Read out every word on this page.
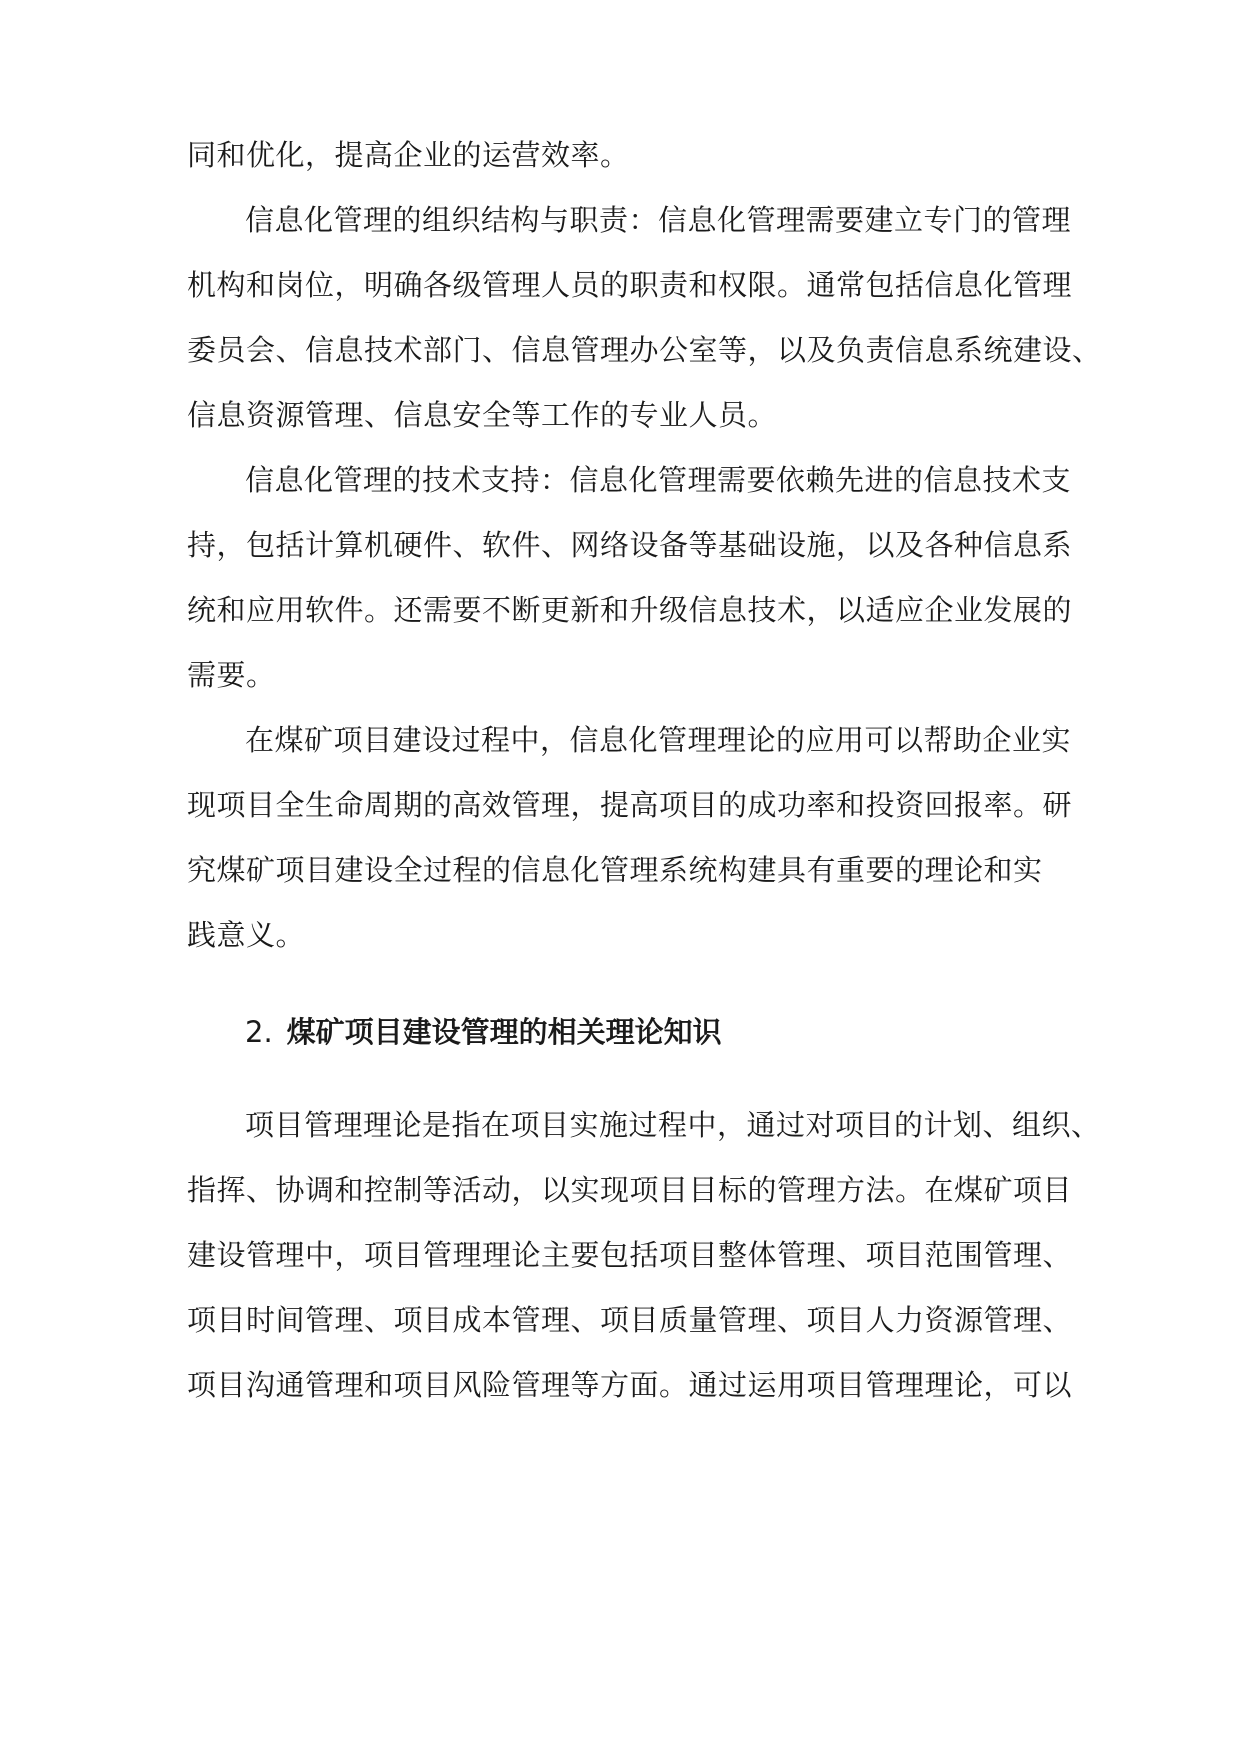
同和优化，提高企业的运营效率。
信息化管理的组织结构与职责：信息化管理需要建立专门的管理
机构和岗位，明确各级管理人员的职责和权限。通常包括信息化管理
委员会、信息技术部门、信息管理办公室等，以及负责信息系统建设、
信息资源管理、信息安全等工作的专业人员。
信息化管理的技术支持：信息化管理需要依赖先进的信息技术支
持，包括计算机硬件、软件、网络设备等基础设施，以及各种信息系
统和应用软件。还需要不断更新和升级信息技术，以适应企业发展的
需要。
在煤矿项目建设过程中，信息化管理理论的应用可以帮助企业实
现项目全生命周期的高效管理，提高项目的成功率和投资回报率。研
究煤矿项目建设全过程的信息化管理系统构建具有重要的理论和实
践意义。
2. 煤矿项目建设管理的相关理论知识
项目管理理论是指在项目实施过程中，通过对项目的计划、组织、
指挥、协调和控制等活动，以实现项目目标的管理方法。在煤矿项目
建设管理中，项目管理理论主要包括项目整体管理、项目范围管理、
项目时间管理、项目成本管理、项目质量管理、项目人力资源管理、
项目沟通管理和项目风险管理等方面。通过运用项目管理理论，可以
